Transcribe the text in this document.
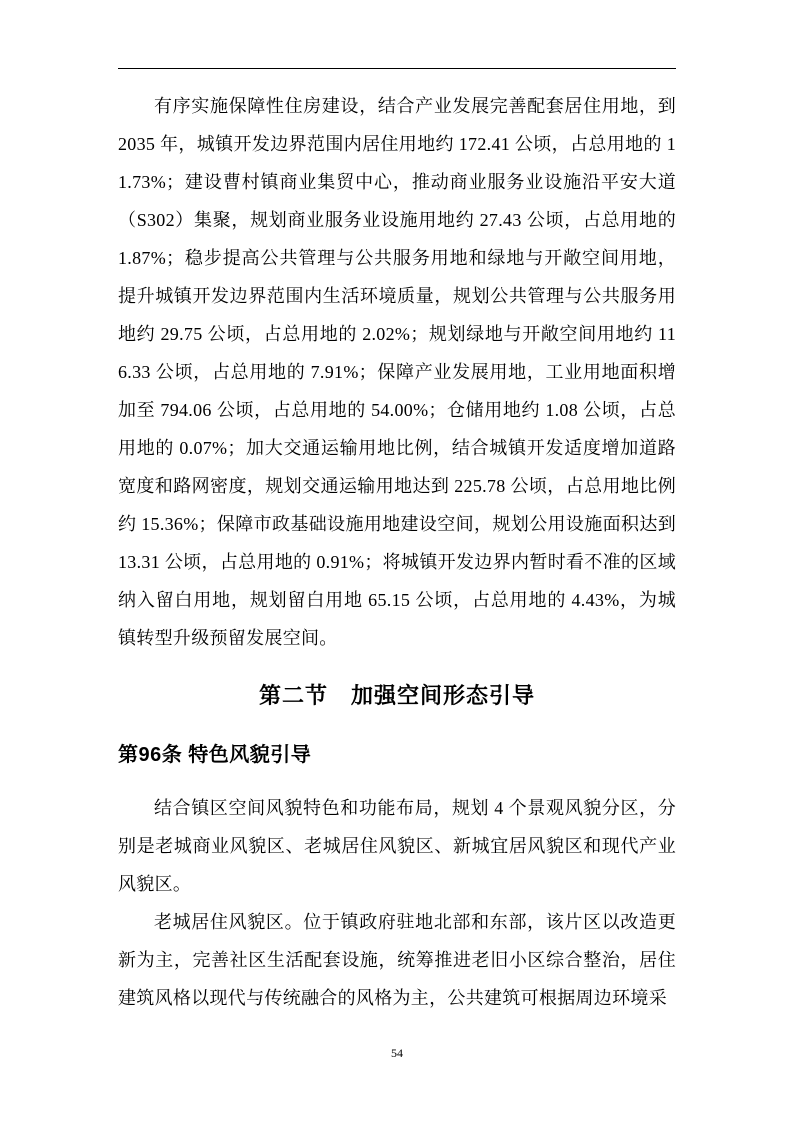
有序实施保障性住房建设，结合产业发展完善配套居住用地，到 2035 年，城镇开发边界范围内居住用地约 172.41 公顷，占总用地的 11.73%；建设曹村镇商业集贸中心，推动商业服务业设施沿平安大道（S302）集聚，规划商业服务业设施用地约 27.43 公顷，占总用地的 1.87%；稳步提高公共管理与公共服务用地和绿地与开敞空间用地，提升城镇开发边界范围内生活环境质量，规划公共管理与公共服务用地约 29.75 公顷，占总用地的 2.02%；规划绿地与开敞空间用地约 116.33 公顷，占总用地的 7.91%；保障产业发展用地，工业用地面积增加至 794.06 公顷，占总用地的 54.00%；仓储用地约 1.08 公顷，占总用地的 0.07%；加大交通运输用地比例，结合城镇开发适度增加道路宽度和路网密度，规划交通运输用地达到 225.78 公顷，占总用地比例约 15.36%；保障市政基础设施用地建设空间，规划公用设施面积达到 13.31 公顷，占总用地的 0.91%；将城镇开发边界内暂时看不准的区域纳入留白用地，规划留白用地 65.15 公顷，占总用地的 4.43%，为城镇转型升级预留发展空间。

第二节　加强空间形态引导
第96条 特色风貌引导

结合镇区空间风貌特色和功能布局，规划 4 个景观风貌分区，分别是老城商业风貌区、老城居住风貌区、新城宜居风貌区和现代产业风貌区。

老城居住风貌区。位于镇政府驻地北部和东部，该片区以改造更新为主，完善社区生活配套设施，统筹推进老旧小区综合整治，居住建筑风格以现代与传统融合的风格为主，公共建筑可根据周边环境采

54
